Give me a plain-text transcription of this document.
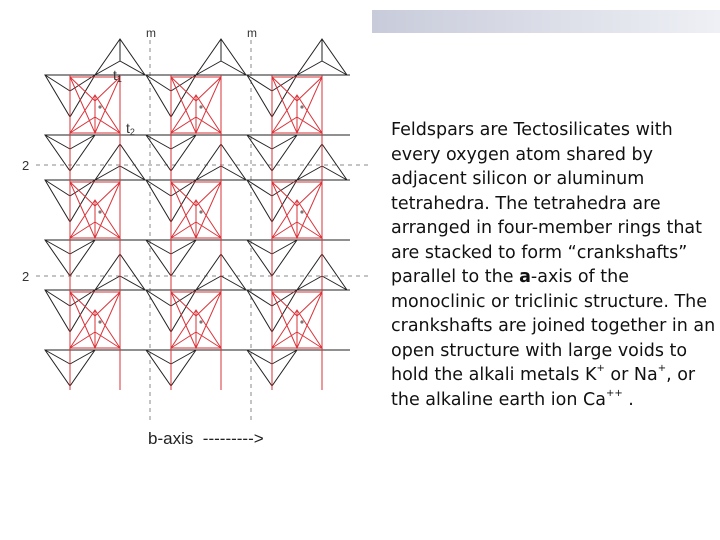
m	m
2
2
t1
t2
b-axis  --------->

Feldspars are Tectosilicates with every oxygen atom shared by adjacent silicon or aluminum tetrahedra. The tetrahedra are arranged in four-member rings that are stacked to form “crankshafts” parallel to the a-axis of the monoclinic or triclinic structure. The crankshafts are joined together in an open structure with large voids to hold the alkali metals K+ or Na+, or the alkaline earth ion Ca++ .
